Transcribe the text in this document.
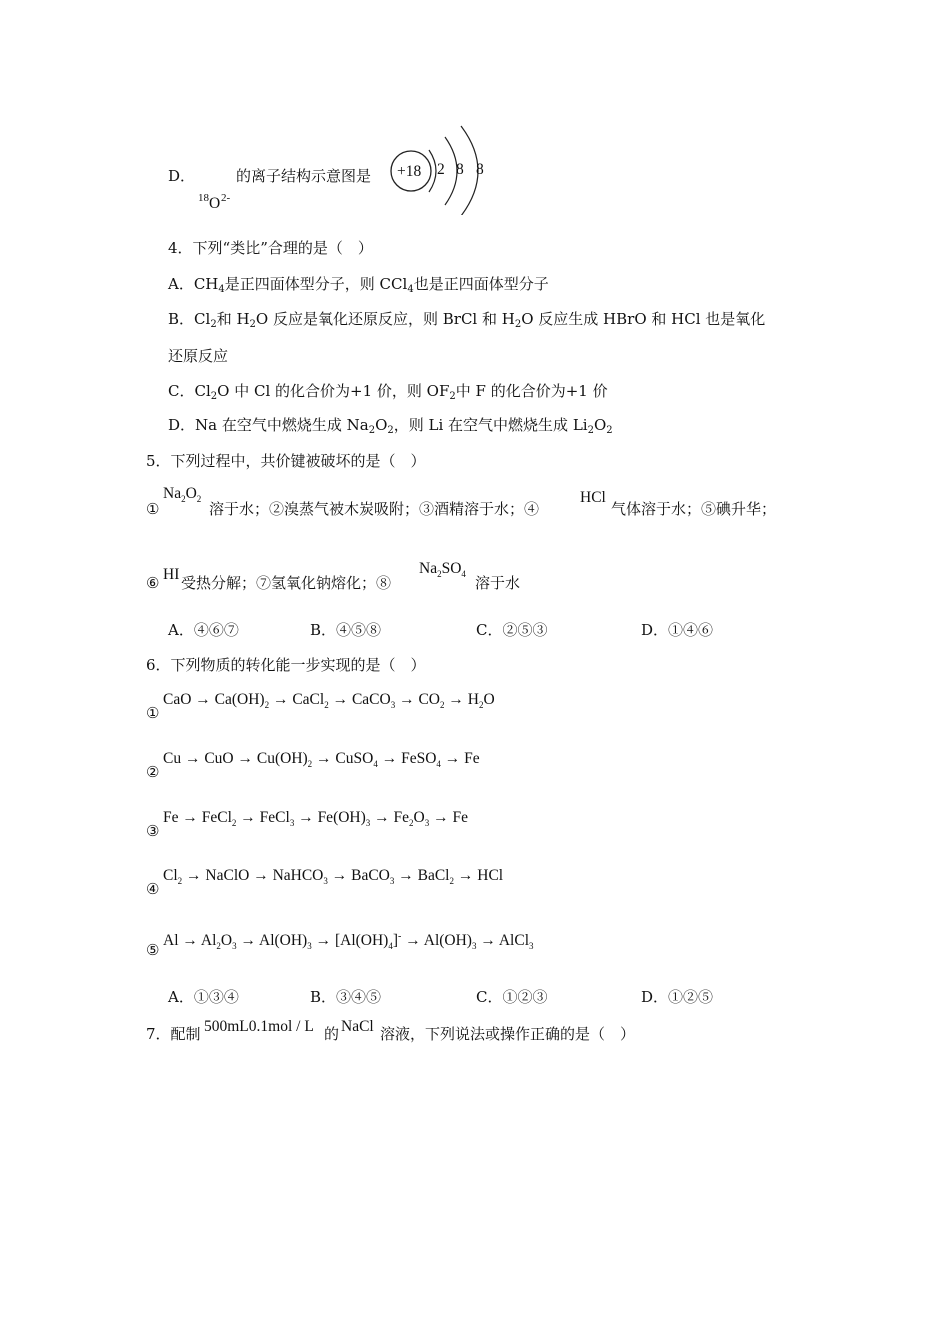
D．
18 O 2-
的离子结构示意图是 +18 2 8 8
4．下列“类比”合理的是（　）
A．$CH_4$是正四面体型分子，则 CCl$_4$也是正四面体型分子
B．$Cl_2$和 $H_2O$ 反应是氧化还原反应，则 BrCl 和 $H_2O$ 反应生成 HBrO 和 HCl 也是氧化
还原反应
C．$Cl_2O$ 中 Cl 的化合价为+1 价，则 $OF_2$中 F 的化合价为+1 价
D．Na 在空气中燃烧生成 $Na_2O_2$，则 Li 在空气中燃烧生成 $Li_2O_2$
5．下列过程中，共价键被破坏的是（　）
①
$Na_2O_2$
溶于水；②溴蒸气被木炭吸附；③酒精溶于水；④
HCl
气体溶于水；⑤碘升华；
⑥ HI 受热分解；⑦氢氧化钠熔化；⑧
$Na_2SO_4$ 溶于水
A．④⑥⑦	B．④⑤⑧	C．②⑤③	D．①④⑥
6．下列物质的转化能一步实现的是（　）
①
CaO → $Ca(OH)_2$ → CaCl$_2$ → CaCO$_3$ → $CO_2 \to H_2O$
②
Cu → CuO → $Cu(OH)_2$ → CuSO$_4$ → FeSO$_4$ → Fe
③
Fe → FeCl$_2$ → FeCl$_3$ → $Fe(OH)_3 \to Fe_2O_3 \to Fe$
④
$Cl_2$ → NaClO → NaHCO$_3$ → BaCO$_3$ → BaCl$_2$ → HCl
⑤
$Al \to Al_2O_3 \to Al(OH)_3 \to [Al(OH)_4]^- \to Al(OH)_3$ → AlCl$_3$
A．①③④	B．③④⑤	C．①②③	D．①②⑤
7．配制 500mL0.1mol / L 的 NaCl 溶液，下列说法或操作正确的是（　）
